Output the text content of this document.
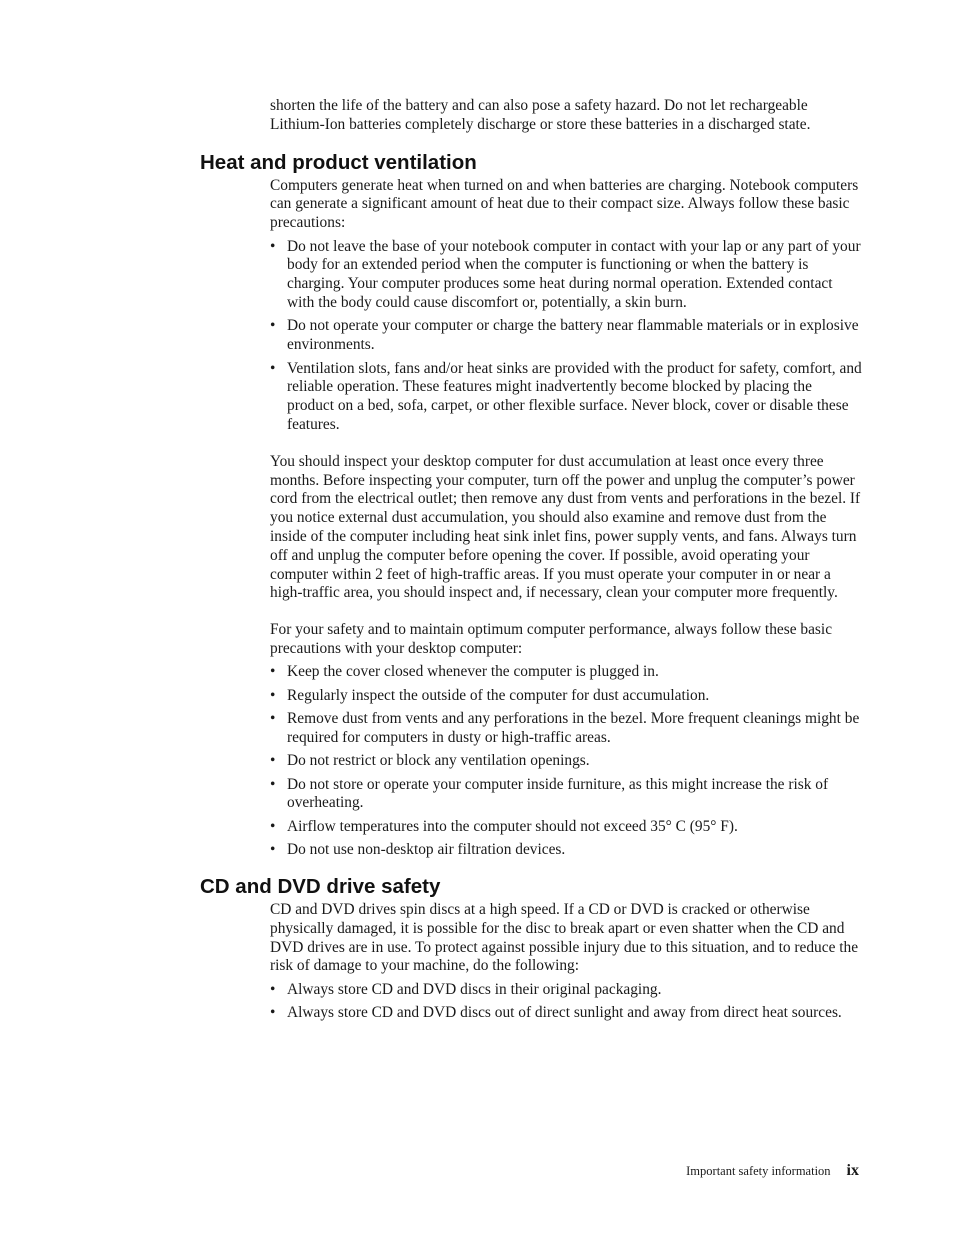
shorten the life of the battery and can also pose a safety hazard. Do not let rechargeable Lithium-Ion batteries completely discharge or store these batteries in a discharged state.

Heat and product ventilation

Computers generate heat when turned on and when batteries are charging. Notebook computers can generate a significant amount of heat due to their compact size. Always follow these basic precautions:

• Do not leave the base of your notebook computer in contact with your lap or any part of your body for an extended period when the computer is functioning or when the battery is charging. Your computer produces some heat during normal operation. Extended contact with the body could cause discomfort or, potentially, a skin burn.
• Do not operate your computer or charge the battery near flammable materials or in explosive environments.
• Ventilation slots, fans and/or heat sinks are provided with the product for safety, comfort, and reliable operation. These features might inadvertently become blocked by placing the product on a bed, sofa, carpet, or other flexible surface. Never block, cover or disable these features.

You should inspect your desktop computer for dust accumulation at least once every three months. Before inspecting your computer, turn off the power and unplug the computer’s power cord from the electrical outlet; then remove any dust from vents and perforations in the bezel. If you notice external dust accumulation, you should also examine and remove dust from the inside of the computer including heat sink inlet fins, power supply vents, and fans. Always turn off and unplug the computer before opening the cover. If possible, avoid operating your computer within 2 feet of high-traffic areas. If you must operate your computer in or near a high-traffic area, you should inspect and, if necessary, clean your computer more frequently.

For your safety and to maintain optimum computer performance, always follow these basic precautions with your desktop computer:

• Keep the cover closed whenever the computer is plugged in.
• Regularly inspect the outside of the computer for dust accumulation.
• Remove dust from vents and any perforations in the bezel. More frequent cleanings might be required for computers in dusty or high-traffic areas.
• Do not restrict or block any ventilation openings.
• Do not store or operate your computer inside furniture, as this might increase the risk of overheating.
• Airflow temperatures into the computer should not exceed 35° C (95° F).
• Do not use non-desktop air filtration devices.
CD and DVD drive safety

CD and DVD drives spin discs at a high speed. If a CD or DVD is cracked or otherwise physically damaged, it is possible for the disc to break apart or even shatter when the CD and DVD drives are in use. To protect against possible injury due to this situation, and to reduce the risk of damage to your machine, do the following:

• Always store CD and DVD discs in their original packaging.
• Always store CD and DVD discs out of direct sunlight and away from direct heat sources.
Important safety information ix
